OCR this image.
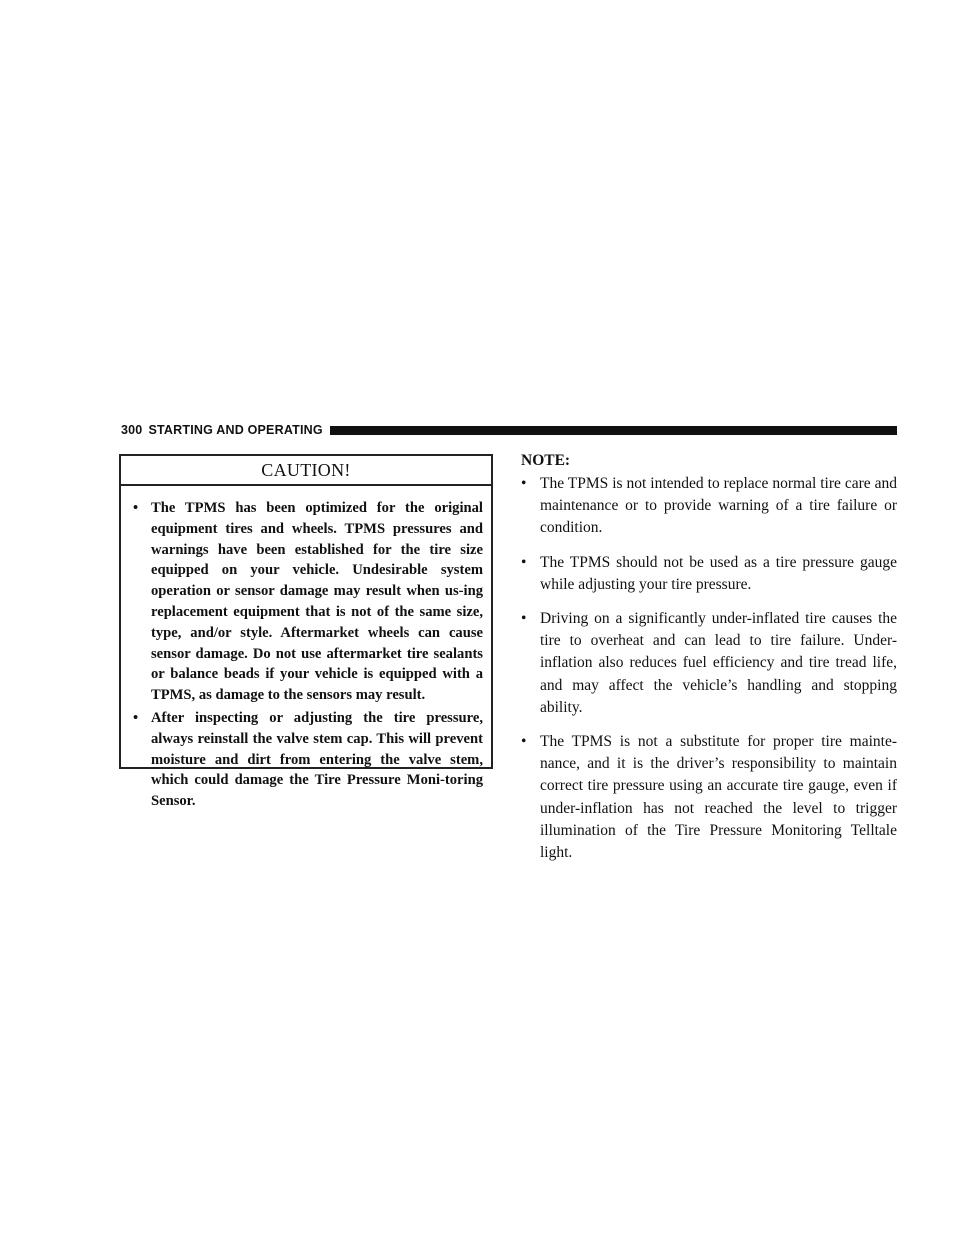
300 STARTING AND OPERATING
CAUTION!
• The TPMS has been optimized for the original equipment tires and wheels. TPMS pressures and warnings have been established for the tire size equipped on your vehicle. Undesirable system operation or sensor damage may result when us-ing replacement equipment that is not of the same size, type, and/or style. Aftermarket wheels can cause sensor damage. Do not use aftermarket tire sealants or balance beads if your vehicle is equipped with a TPMS, as damage to the sensors may result.
• After inspecting or adjusting the tire pressure, always reinstall the valve stem cap. This will prevent moisture and dirt from entering the valve stem, which could damage the Tire Pressure Moni-toring Sensor.
NOTE:
• The TPMS is not intended to replace normal tire care and maintenance or to provide warning of a tire failure or condition.
• The TPMS should not be used as a tire pressure gauge while adjusting your tire pressure.
• Driving on a significantly under-inflated tire causes the tire to overheat and can lead to tire failure. Under-inflation also reduces fuel efficiency and tire tread life, and may affect the vehicle’s handling and stopping ability.
• The TPMS is not a substitute for proper tire mainte-nance, and it is the driver’s responsibility to maintain correct tire pressure using an accurate tire gauge, even if under-inflation has not reached the level to trigger illumination of the Tire Pressure Monitoring Telltale light.
